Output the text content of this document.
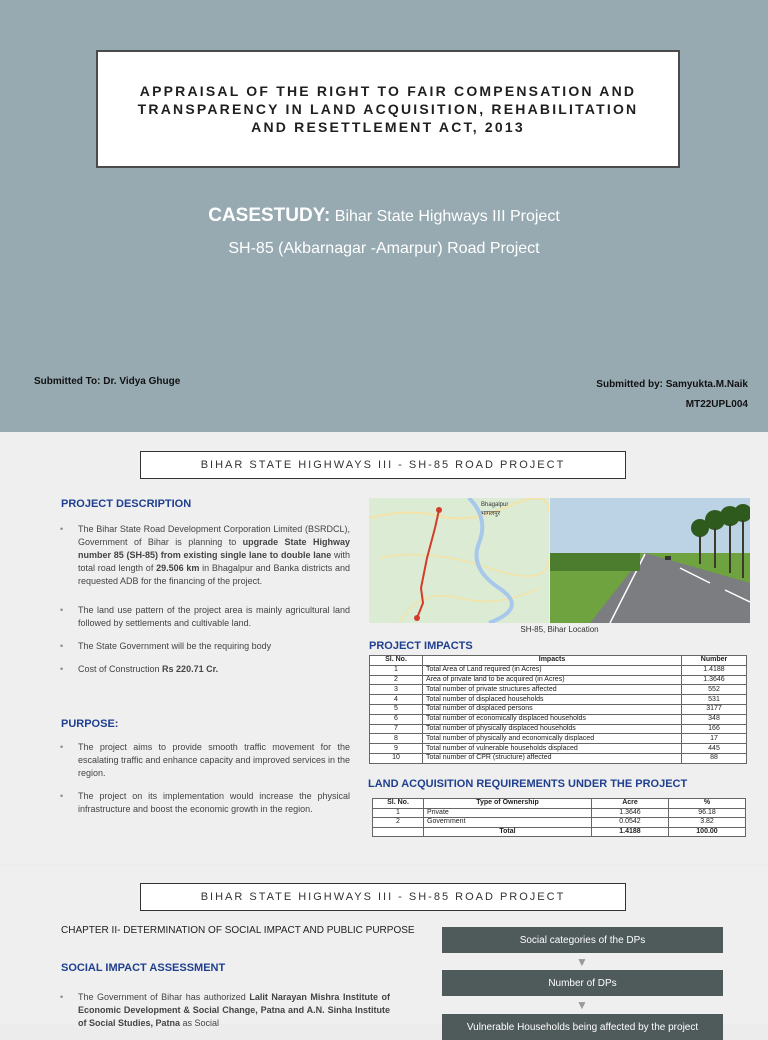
APPRAISAL OF THE RIGHT TO FAIR COMPENSATION AND TRANSPARENCY IN LAND ACQUISITION, REHABILITATION AND RESETTLEMENT ACT, 2013
CASESTUDY: Bihar State Highways III Project
SH-85 (Akbarnagar -Amarpur) Road Project
Submitted To: Dr. Vidya Ghuge	Submitted by: Samyukta.M.Naik
MT22UPL004
BIHAR STATE HIGHWAYS III - SH-85 ROAD PROJECT
PROJECT DESCRIPTION
• The Bihar State Road Development Corporation Limited (BSRDCL), Government of Bihar is planning to upgrade State Highway number 85 (SH-85) from existing single lane to double lane with total road length of 29.506 km in Bhagalpur and Banka districts and requested ADB for the financing of the project.
• The land use pattern of the project area is mainly agricultural land followed by settlements and cultivable land.
• The State Government will be the requiring body
• Cost of Construction Rs 220.71 Cr.
PURPOSE:
• The project aims to provide smooth traffic movement for the escalating traffic and enhance capacity and improved services in the region.
• The project on its implementation would increase the physical infrastructure and boost the economic growth in the region.
Bhagalpur
भागलपुर
SH-85, Bihar Location
PROJECT IMPACTS
Sl. No.	Impacts	Number
1	Total Area of Land required (in Acres)	1.4188
2	Area of private land to be acquired (in Acres)	1.3646
3	Total number of private structures affected	552
4	Total number of displaced households	531
5	Total number of displaced persons	3177
6	Total number of economically displaced households	348
7	Total number of physically displaced households	166
8	Total number of physically and economically displaced	17
9	Total number of vulnerable households displaced	445
10	Total number of CPR (structure) affected	88
LAND ACQUISITION REQUIREMENTS UNDER THE PROJECT
Sl. No.	Type of Ownership	Acre	%
1	Private	1.3646	96.18
2	Government	0.0542	3.82
	Total	1.4188	100.00
BIHAR STATE HIGHWAYS III - SH-85 ROAD PROJECT
CHAPTER II- DETERMINATION OF SOCIAL IMPACT AND PUBLIC PURPOSE
SOCIAL IMPACT ASSESSMENT
• The Government of Bihar has authorized Lalit Narayan Mishra Institute of Economic Development & Social Change, Patna and A.N. Sinha Institute of Social Studies, Patna as Social
Social categories of the DPs
▼
Number of DPs
▼
Vulnerable Households being affected by the project
